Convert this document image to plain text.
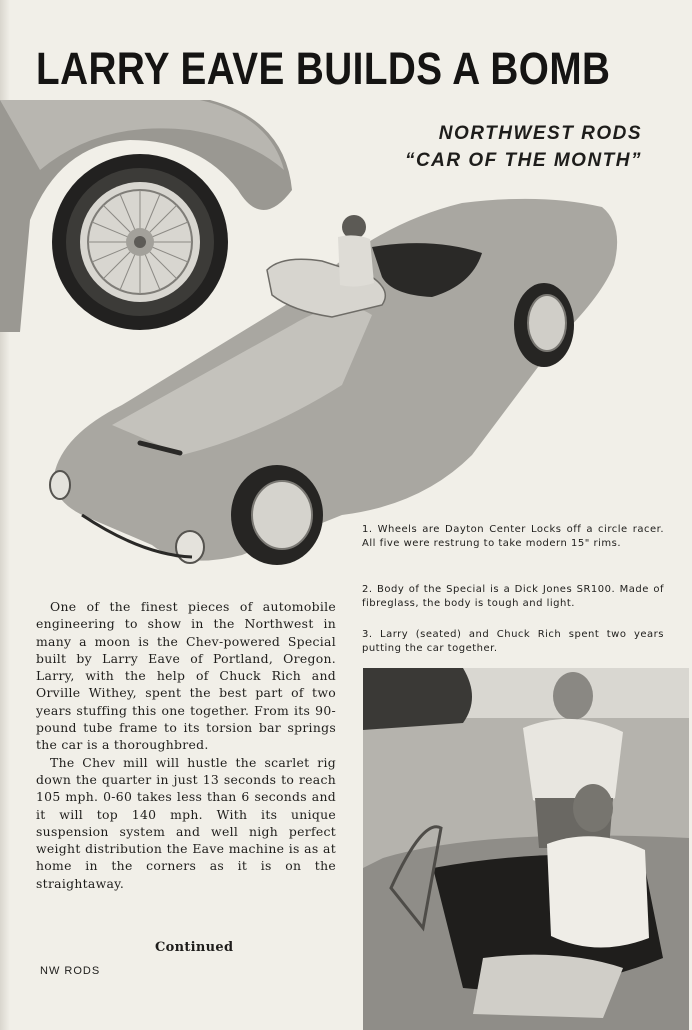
LARRY EAVE BUILDS A BOMB
NORTHWEST RODS
“CAR OF THE MONTH”
1. Wheels are Dayton Center Locks off a circle racer. All five were restrung to take modern 15" rims.
2. Body of the Special is a Dick Jones SR100. Made of fibreglass, the body is tough and light.
3. Larry (seated) and Chuck Rich spent two years putting the car together.

One of the finest pieces of automobile engineering to show in the Northwest in many a moon is the Chev-powered Special built by Larry Eave of Portland, Oregon. Larry, with the help of Chuck Rich and Orville Withey, spent the best part of two years stuffing this one together. From its 90-pound tube frame to its torsion bar springs the car is a thoroughbred.

The Chev mill will hustle the scarlet rig down the quarter in just 13 seconds to reach 105 mph. 0-60 takes less than 6 seconds and it will top 140 mph. With its unique suspension system and well nigh perfect weight distribution the Eave machine is as at home in the corners as it is on the straightaway.

Continued
NW RODS
